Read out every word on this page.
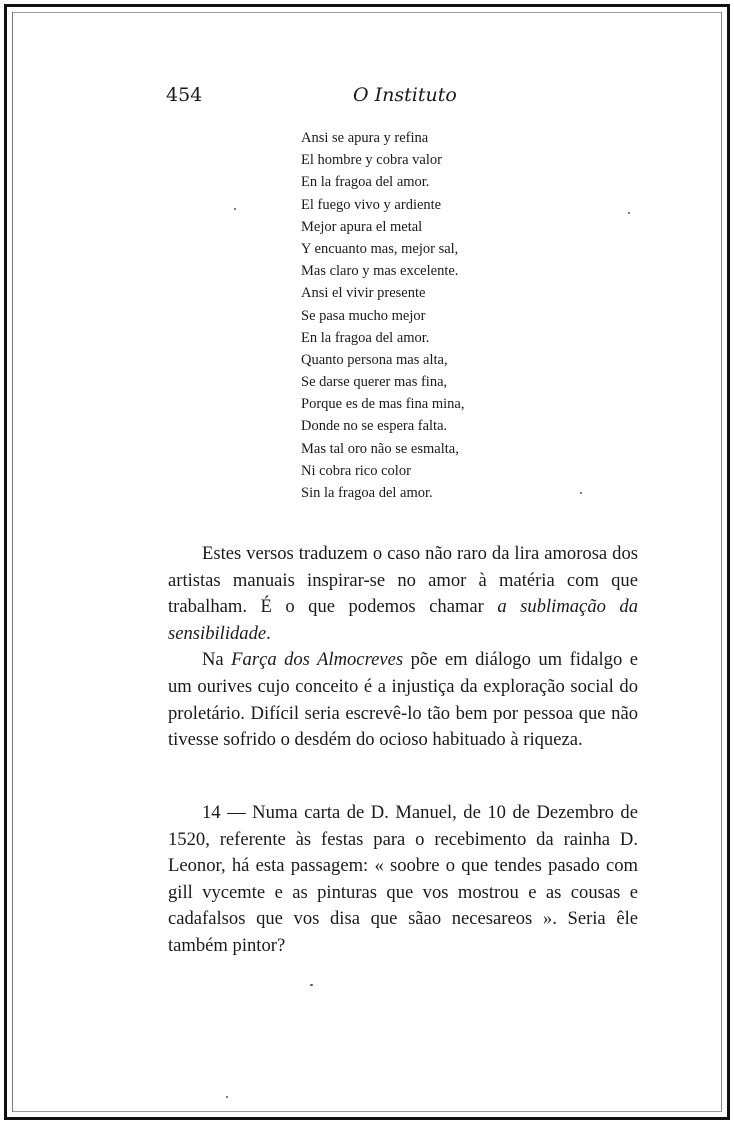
454	O Instituto
Ansi se apura y refina
El hombre y cobra valor
En la fragoa del amor.
El fuego vivo y ardiente
Mejor apura el metal
Y encuanto mas, mejor sal,
Mas claro y mas excelente.
Ansi el vivir presente
Se pasa mucho mejor
En la fragoa del amor.
Quanto persona mas alta,
Se darse querer mas fina,
Porque es de mas fina mina,
Donde no se espera falta.
Mas tal oro não se esmalta,
Ni cobra rico color
Sin la fragoa del amor.

Estes versos traduzem o caso não raro da lira amorosa dos artistas manuais inspirar-se no amor à matéria com que trabalham. É o que podemos chamar a sublimação da sensibilidade.

Na Farça dos Almocreves põe em diálogo um fidalgo e um ourives cujo conceito é a injustiça da exploração social do proletário. Difícil seria escrevê-lo tão bem por pessoa que não tivesse sofrido o desdém do ocioso habituado à riqueza.

14 — Numa carta de D. Manuel, de 10 de Dezembro de 1520, referente às festas para o recebimento da rainha D. Leonor, há esta passagem: « soobre o que tendes pasado com gill vycemte e as pinturas que vos mostrou e as cousas e cadafalsos que vos disa que sãao necesareos ». Seria êle também pintor?
